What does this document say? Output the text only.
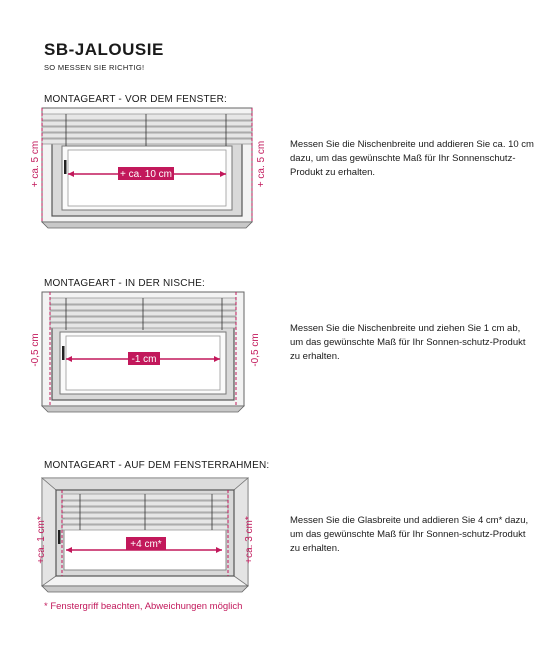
SB-JALOUSIE
SO MESSEN SIE RICHTIG!
MONTAGEART - VOR DEM FENSTER:
MONTAGEART - IN DER NISCHE:
MONTAGEART - AUF DEM FENSTERRAHMEN:
Messen Sie die Nischenbreite und addieren Sie ca. 10 cm dazu, um das gewünschte Maß für Ihr Sonnenschutz-Produkt zu erhalten.
Messen Sie die Nischenbreite und ziehen Sie 1 cm ab, um das gewünschte Maß für Ihr Sonnen-schutz-Produkt zu erhalten.
Messen Sie die Glasbreite und addieren Sie 4 cm* dazu, um das gewünschte Maß für Ihr Sonnen-schutz-Produkt zu erhalten.
* Fenstergriff beachten, Abweichungen möglich
+ ca. 10 cm
+ ca. 5 cm	+ ca. 5 cm
-1 cm
-0,5 cm	-0,5 cm
+4 cm*
+ca. 1 cm*	+ca. 3 cm*
